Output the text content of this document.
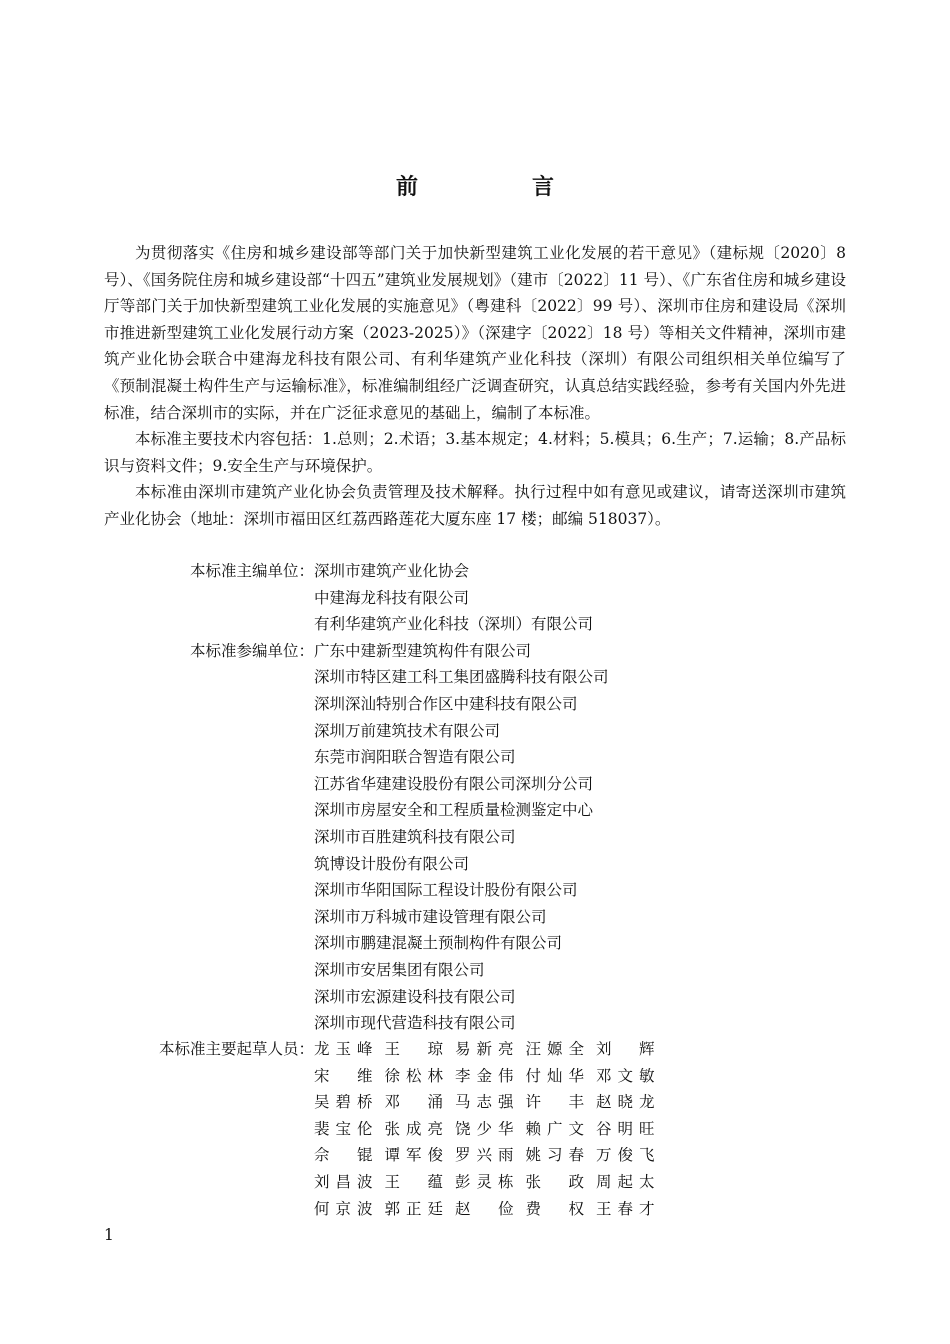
前　言

为贯彻落实《住房和城乡建设部等部门关于加快新型建筑工业化发展的若干意见》（建标规〔2020〕8 号）、《国务院住房和城乡建设部“十四五”建筑业发展规划》（建市〔2022〕11 号）、《广东省住房和城乡建设厅等部门关于加快新型建筑工业化发展的实施意见》（粤建科〔2022〕99 号）、深圳市住房和建设局《深圳市推进新型建筑工业化发展行动方案（2023-2025）》（深建字〔2022〕18 号）等相关文件精神，深圳市建筑产业化协会联合中建海龙科技有限公司、有利华建筑产业化科技（深圳）有限公司组织相关单位编写了《预制混凝土构件生产与运输标准》，标准编制组经广泛调查研究，认真总结实践经验，参考有关国内外先进标准，结合深圳市的实际，并在广泛征求意见的基础上，编制了本标准。

本标准主要技术内容包括：1.总则；2.术语；3.基本规定；4.材料；5.模具；6.生产；7.运输；8.产品标识与资料文件；9.安全生产与环境保护。

本标准由深圳市建筑产业化协会负责管理及技术解释。执行过程中如有意见或建议，请寄送深圳市建筑产业化协会（地址：深圳市福田区红荔西路莲花大厦东座 17 楼；邮编 518037）。

本标准主编单位： 深圳市建筑产业化协会
中建海龙科技有限公司
有利华建筑产业化科技（深圳）有限公司
本标准参编单位： 广东中建新型建筑构件有限公司
深圳市特区建工科工集团盛腾科技有限公司
深圳深汕特别合作区中建科技有限公司
深圳万前建筑技术有限公司
东莞市润阳联合智造有限公司
江苏省华建建设股份有限公司深圳分公司
深圳市房屋安全和工程质量检测鉴定中心
深圳市百胜建筑科技有限公司
筑博设计股份有限公司
深圳市华阳国际工程设计股份有限公司
深圳市万科城市建设管理有限公司
深圳市鹏建混凝土预制构件有限公司
深圳市安居集团有限公司
深圳市宏源建设科技有限公司
深圳市现代营造科技有限公司
本标准主要起草人员： 龙玉峰 王琼 易新亮 汪嫄全 刘辉
宋维 徐松林 李金伟 付灿华 邓文敏
吴碧桥 邓涌 马志强 许丰 赵晓龙
裴宝伦 张成亮 饶少华 赖广文 谷明旺
佘锟 谭军俊 罗兴雨 姚习春 万俊飞
刘昌波 王蕴 彭灵栋 张政 周起太
何京波 郭正廷 赵俭 费权 王春才
1
